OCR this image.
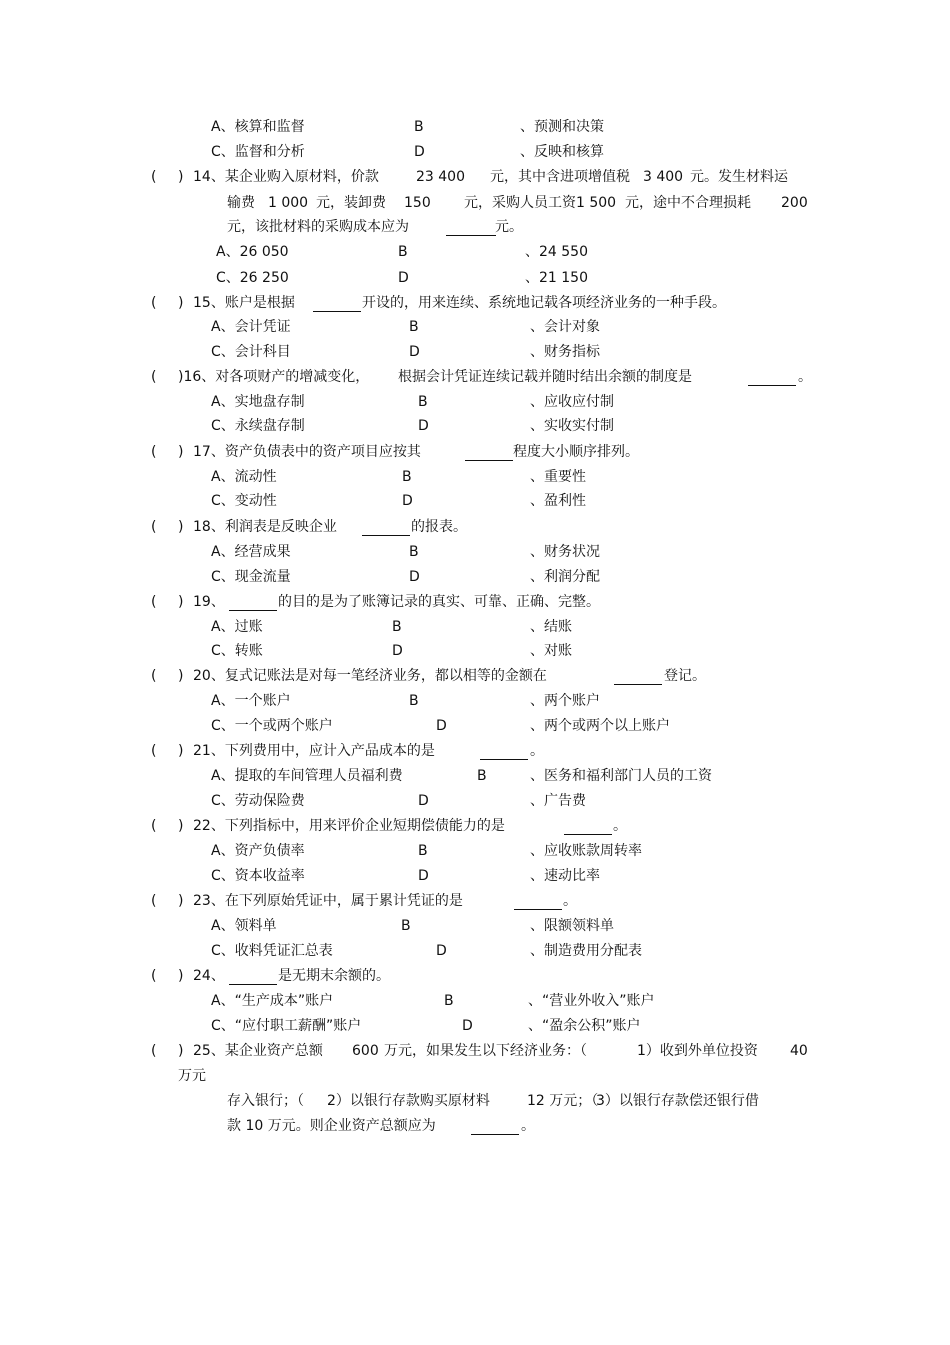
A、核算和监督	B	、预测和决策
C、监督和分析	D	、反映和核算
( ) 14、某企业购入原材料，价款	23 400 元，其中含进项增值税 3 400 元。发生材料运
输费 1 000 元，装卸费 150 元，采购人员工资 1 500 元，途中不合理损耗 200
元，该批材料的采购成本应为	元。
A、26 050	B	、24 550
C、26 250	D	、21 150
( ) 15、账户是根据	开设的，用来连续、系统地记载各项经济业务的一种手段。
A、会计凭证	B	、会计对象
C、会计科目	D	、财务指标
( )16、对各项财产的增减变化， 根据会计凭证连续记载并随时结出余额的制度是	。
A、实地盘存制	B	、应收应付制
C、永续盘存制	D	、实收实付制
( ) 17、资产负债表中的资产项目应按其	程度大小顺序排列。
A、流动性	B	、重要性
C、变动性	D	、盈利性
( ) 18、利润表是反映企业	的报表。
A、经营成果	B	、财务状况
C、现金流量	D	、利润分配
( ) 19、	的目的是为了账簿记录的真实、可靠、正确、完整。
A、过账	B	、结账
C、转账	D	、对账
( ) 20、复式记账法是对每一笔经济业务，都以相等的金额在	登记。
A、一个账户	B	、两个账户
C、一个或两个账户	D	、两个或两个以上账户
( ) 21、下列费用中，应计入产品成本的是	。
A、提取的车间管理人员福利费	B	、医务和福利部门人员的工资
C、劳动保险费	D	、广告费
( ) 22、下列指标中，用来评价企业短期偿债能力的是	。
A、资产负债率	B	、应收账款周转率
C、资本收益率	D	、速动比率
( ) 23、在下列原始凭证中，属于累计凭证的是	。
A、领料单	B	、限额领料单
C、收料凭证汇总表	D	、制造费用分配表
( ) 24、	是无期末余额的。
A、“生产成本”账户	B	、“营业外收入”账户
C、“应付职工薪酬”账户	D	、“盈余公积”账户
( ) 25、某企业资产总额 600 万元，如果发生以下经济业务：（	1）收到外单位投资 40
万元
存入银行；（ 2）以银行存款购买原材料	12 万元；（
3）以银行存款偿还银行借
款 10 万元。则企业资产总额应为	。
